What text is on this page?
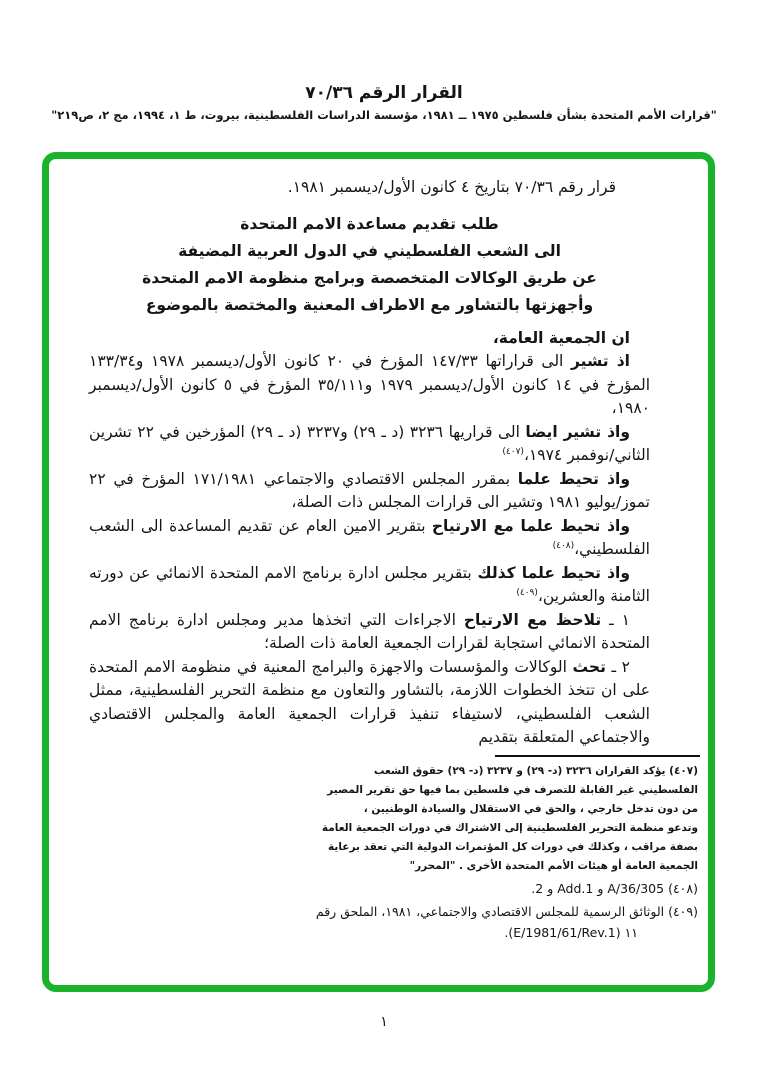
القرار الرقم ٧٠/٣٦
"قرارات الأمم المتحدة بشأن فلسطين ١٩٧٥ ــ ١٩٨١، مؤسسة الدراسات الفلسطينية، بيروت، ط ١، ١٩٩٤، مج ٢، ص٢١٩"
قرار رقم ٧٠/٣٦ بتاريخ ٤ كانون الأول/ديسمبر ١٩٨١.
طلب تقديم مساعدة الامم المتحدة
الى الشعب الفلسطيني في الدول العربية المضيفة
عن طريق الوكالات المتخصصة وبرامج منظومة الامم المتحدة
وأجهزتها بالتشاور مع الاطراف المعنية والمختصة بالموضوع
ان الجمعية العامة،

اذ تشير الى قراراتها ١٤٧/٣٣ المؤرخ في ٢٠ كانون الأول/ديسمبر ١٩٧٨ و١٣٣/٣٤ المؤرخ في ١٤ كانون الأول/ديسمبر ١٩٧٩ و٣٥/١١١ المؤرخ في ٥ كانون الأول/ديسمبر ١٩٨٠،

واذ تشير ايضا الى قراريها ٣٢٣٦ (د ـ ٢٩) و٣٢٣٧ (د ـ ٢٩) المؤرخين في ٢٢ تشرين الثاني/نوفمبر ١٩٧٤،$^{(٤٠٧)}$

واذ تحيط علما بمقرر المجلس الاقتصادي والاجتماعي ١٧١/١٩٨١ المؤرخ في ٢٢ تموز/يوليو ١٩٨١ وتشير الى قرارات المجلس ذات الصلة،

واذ تحيط علما مع الارتياح بتقرير الامين العام عن تقديم المساعدة الى الشعب الفلسطيني،$^{(٤٠٨)}$

واذ تحيط علما كذلك بتقرير مجلس ادارة برنامج الامم المتحدة الانمائي عن دورته الثامنة والعشرين،$^{(٤٠٩)}$

١ ـ تلاحظ مع الارتياح الاجراءات التي اتخذها مدير ومجلس ادارة برنامج الامم المتحدة الانمائي استجابة لقرارات الجمعية العامة ذات الصلة؛

٢ ـ تحث الوكالات والمؤسسات والاجهزة والبرامج المعنية في منظومة الامم المتحدة على ان تتخذ الخطوات اللازمة، بالتشاور والتعاون مع منظمة التحرير الفلسطينية، ممثل الشعب الفلسطيني، لاستيفاء تنفيذ قرارات الجمعية العامة والمجلس الاقتصادي والاجتماعي المتعلقة بتقديم

(٤٠٧) يؤكد القراران ٣٢٣٦ (د- ٢٩) و ٣٢٣٧ (د- ٢٩) حقوق الشعب
الفلسطيني غير القابلة للتصرف في فلسطين بما فيها حق تقرير المصير
من دون تدخل خارجي ، والحق في الاستقلال والسيادة الوطنيين ،
وتدعو منظمة التحرير الفلسطينية إلى الاشتراك في دورات الجمعية العامة
بصفة مراقب ، وكذلك في دورات كل المؤتمرات الدولية التي تعقد برعاية
الجمعية العامة أو هيئات الأمم المتحدة الأخرى . "المحرر"
(٤٠٨) A/36/305 و Add.1 و 2.
(٤٠٩) الوثائق الرسمية للمجلس الاقتصادي والاجتماعي، ١٩٨١، الملحق رقم
١١ (E/1981/61/Rev.1).
١
